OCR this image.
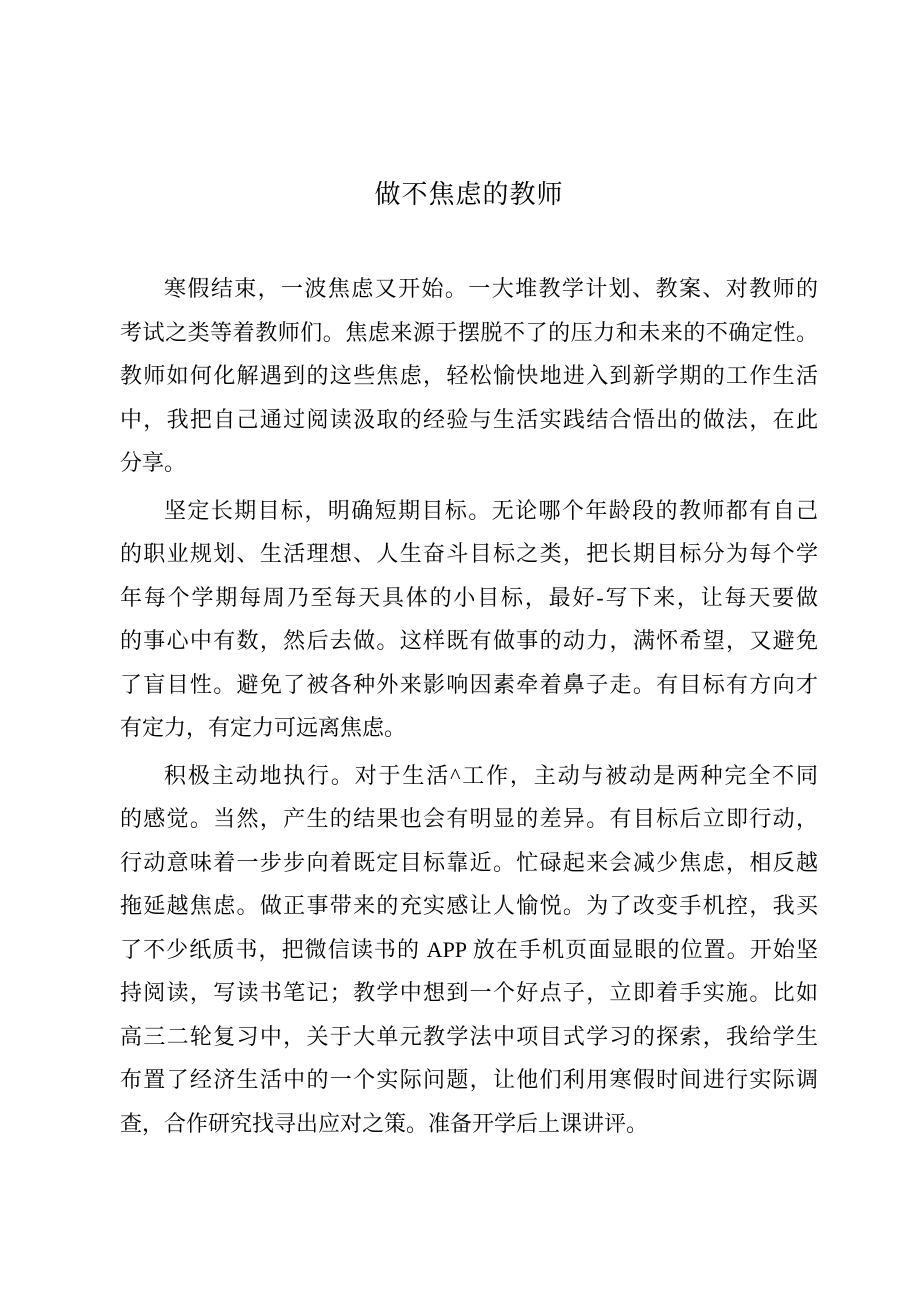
做不焦虑的教师
寒假结束，一波焦虑又开始。一大堆教学计划、教案、对教师的
考试之类等着教师们。焦虑来源于摆脱不了的压力和未来的不确定性。
教师如何化解遇到的这些焦虑，轻松愉快地进入到新学期的工作生活
中，我把自己通过阅读汲取的经验与生活实践结合悟出的做法，在此
分享。
坚定长期目标，明确短期目标。无论哪个年龄段的教师都有自己
的职业规划、生活理想、人生奋斗目标之类，把长期目标分为每个学
年每个学期每周乃至每天具体的小目标，最好-写下来，让每天要做
的事心中有数，然后去做。这样既有做事的动力，满怀希望，又避免
了盲目性。避免了被各种外来影响因素牵着鼻子走。有目标有方向才
有定力，有定力可远离焦虑。
积极主动地执行。对于生活^工作，主动与被动是两种完全不同
的感觉。当然，产生的结果也会有明显的差异。有目标后立即行动，
行动意味着一步步向着既定目标靠近。忙碌起来会减少焦虑，相反越
拖延越焦虑。做正事带来的充实感让人愉悦。为了改变手机控，我买
了不少纸质书，把微信读书的 APP 放在手机页面显眼的位置。开始坚
持阅读，写读书笔记；教学中想到一个好点子，立即着手实施。比如
高三二轮复习中，关于大单元教学法中项目式学习的探索，我给学生
布置了经济生活中的一个实际问题，让他们利用寒假时间进行实际调
查，合作研究找寻出应对之策。准备开学后上课讲评。
